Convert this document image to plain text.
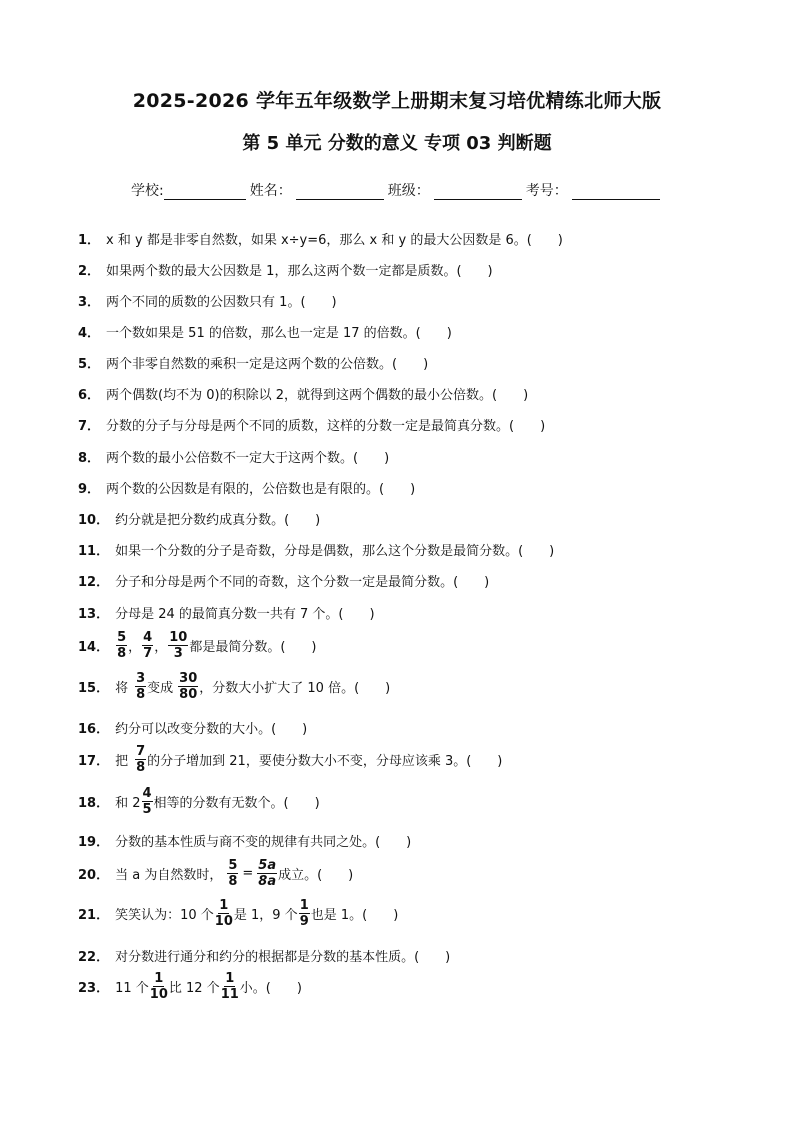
2025-2026 学年五年级数学上册期末复习培优精练北师大版
第 5 单元 分数的意义 专项 03 判断题
学校:	姓名：	班级：	考号：
1． x 和 y 都是非零自然数，如果 x÷y=6，那么 x 和 y 的最大公因数是 6。(　　)
2． 如果两个数的最大公因数是 1，那么这两个数一定都是质数。(　　)
3． 两个不同的质数的公因数只有 1。(　　)
4． 一个数如果是 51 的倍数，那么也一定是 17 的倍数。(　　)
5． 两个非零自然数的乘积一定是这两个数的公倍数。(　　)
6． 两个偶数(均不为 0)的积除以 2，就得到这两个偶数的最小公倍数。(　　)
7． 分数的分子与分母是两个不同的质数，这样的分数一定是最简真分数。(　　)
8． 两个数的最小公倍数不一定大于这两个数。(　　)
9． 两个数的公因数是有限的，公倍数也是有限的。(　　)
10． 约分就是把分数约成真分数。(　　)
11． 如果一个分数的分子是奇数，分母是偶数，那么这个分数是最简分数。(　　)
12． 分子和分母是两个不同的奇数，这个分数一定是最简分数。(　　)
13． 分母是 24 的最简真分数一共有 7 个。(　　)
14． $\frac{5}{8}$ ， $\frac{4}{7}$ ， $\frac{10}{3}$ 都是最简分数。(　　)
15． 将 $\frac{3}{8}$ 变成 $\frac{30}{80}$ ，分数大小扩大了 10 倍。(　　)
16． 约分可以改变分数的大小。(　　)
17． 把 $\frac{7}{8}$ 的分子增加到 21，要使分数大小不变，分母应该乘 3。(　　)
18． 和 $2 \frac{4}{5}$ 相等的分数有无数个。(　　)
19． 分数的基本性质与商不变的规律有共同之处。(　　)
20． 当 a 为自然数时， $\frac{5}{8} = \frac{5a}{8a}$ 成立。(　　)
21． 笑笑认为：10 个 $\frac{1}{10}$ 是 1，9 个 $\frac{1}{9}$ 也是 1。(　　)
22． 对分数进行通分和约分的根据都是分数的基本性质。(　　)
23． 11 个 $\frac{1}{10}$ 比 12 个 $\frac{1}{11}$ 小。(　　)
